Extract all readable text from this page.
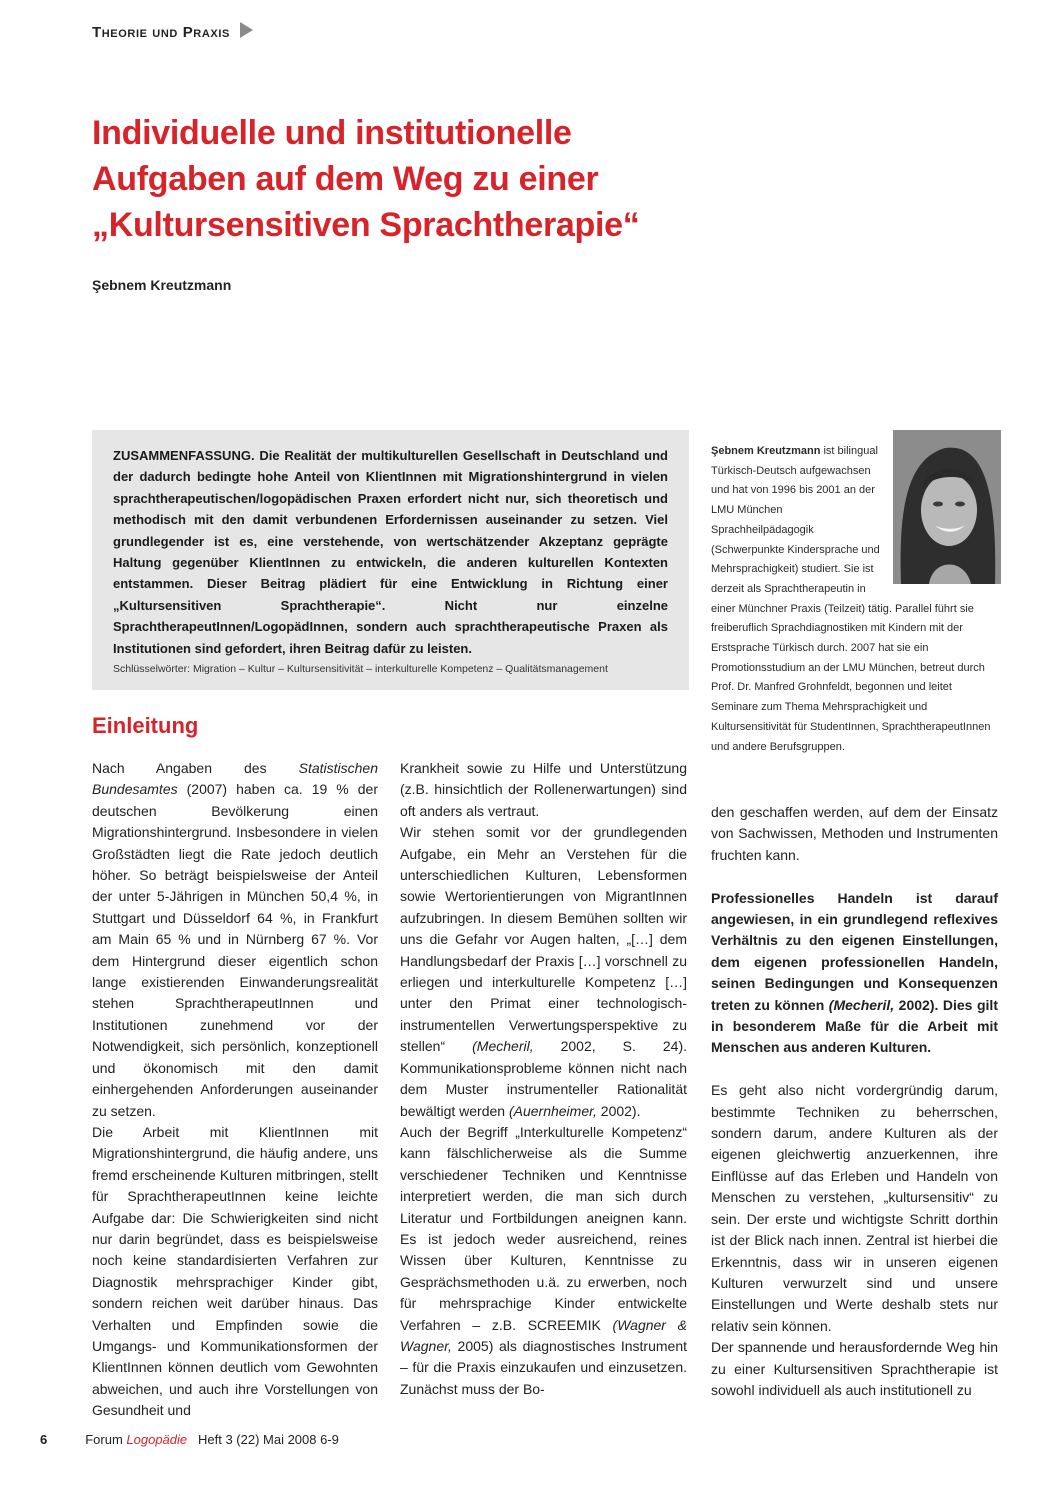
Theorie und Praxis
Individuelle und institutionelle
Aufgaben auf dem Weg zu einer
„Kultursensitiven Sprachtherapie“
Şebnem Kreutzmann

ZUSAMMENFASSUNG. Die Realität der multikulturellen Gesellschaft in Deutschland und der dadurch bedingte hohe Anteil von KlientInnen mit Migrationshintergrund in vielen sprachtherapeutischen/logopädischen Praxen erfordert nicht nur, sich theoretisch und methodisch mit den damit verbundenen Erfordernissen auseinander zu setzen. Viel grundlegender ist es, eine verstehende, von wertschätzender Akzeptanz geprägte Haltung gegenüber KlientInnen zu entwickeln, die anderen kulturellen Kontexten entstammen. Dieser Beitrag plädiert für eine Entwicklung in Richtung einer „Kultursensitiven Sprachtherapie“. Nicht nur einzelne SprachtherapeutInnen/LogopädInnen, sondern auch sprachtherapeutische Praxen als Institutionen sind gefordert, ihren Beitrag dafür zu leisten.

Schlüsselwörter: Migration – Kultur – Kultursensitivität – interkulturelle Kompetenz – Qualitätsmanagement
Şebnem Kreutzmann ist bilingual Türkisch-Deutsch aufgewachsen und hat von 1996 bis 2001 an der LMU München Sprachheilpädagogik (Schwerpunkte Kindersprache und Mehrsprachigkeit) studiert. Sie ist derzeit als Sprachtherapeutin in einer Münchner Praxis (Teilzeit) tätig. Parallel führt sie freiberuflich Sprachdiagnostiken mit Kindern mit der Erstsprache Türkisch durch. 2007 hat sie ein Promotionsstudium an der LMU München, betreut durch Prof. Dr. Manfred Grohnfeldt, begonnen und leitet Seminare zum Thema Mehrsprachigkeit und Kultursensitivität für StudentInnen, SprachtherapeutInnen und andere Berufsgruppen.
Einleitung

Nach Angaben des Statistischen Bundesamtes (2007) haben ca. 19 % der deutschen Bevölkerung einen Migrationshintergrund. Insbesondere in vielen Großstädten liegt die Rate jedoch deutlich höher. So beträgt beispielsweise der Anteil der unter 5-Jährigen in München 50,4 %, in Stuttgart und Düsseldorf 64 %, in Frankfurt am Main 65 % und in Nürnberg 67 %. Vor dem Hintergrund dieser eigentlich schon lange existierenden Einwanderungsrealität stehen SprachtherapeutInnen und Institutionen zunehmend vor der Notwendigkeit, sich persönlich, konzeptionell und ökonomisch mit den damit einhergehenden Anforderungen auseinander zu setzen.

Die Arbeit mit KlientInnen mit Migrationshintergrund, die häufig andere, uns fremd erscheinende Kulturen mitbringen, stellt für SprachtherapeutInnen keine leichte Aufgabe dar: Die Schwierigkeiten sind nicht nur darin begründet, dass es beispielsweise noch keine standardisierten Verfahren zur Diagnostik mehrsprachiger Kinder gibt, sondern reichen weit darüber hinaus. Das Verhalten und Empfinden sowie die Umgangs- und Kommunikationsformen der KlientInnen können deutlich vom Gewohnten abweichen, und auch ihre Vorstellungen von Gesundheit und

Krankheit sowie zu Hilfe und Unterstützung (z.B. hinsichtlich der Rollenerwartungen) sind oft anders als vertraut.

Wir stehen somit vor der grundlegenden Aufgabe, ein Mehr an Verstehen für die unterschiedlichen Kulturen, Lebensformen sowie Wertorientierungen von MigrantInnen aufzubringen. In diesem Bemühen sollten wir uns die Gefahr vor Augen halten, „[…] dem Handlungsbedarf der Praxis […] vorschnell zu erliegen und interkulturelle Kompetenz […] unter den Primat einer technologisch-instrumentellen Verwertungsperspektive zu stellen“ (Mecheril, 2002, S. 24). Kommunikationsprobleme können nicht nach dem Muster instrumenteller Rationalität bewältigt werden (Auernheimer, 2002).

Auch der Begriff „Interkulturelle Kompetenz“ kann fälschlicherweise als die Summe verschiedener Techniken und Kenntnisse interpretiert werden, die man sich durch Literatur und Fortbildungen aneignen kann. Es ist jedoch weder ausreichend, reines Wissen über Kulturen, Kenntnisse zu Gesprächsmethoden u.ä. zu erwerben, noch für mehrsprachige Kinder entwickelte Verfahren – z.B. SCREEMIK (Wagner & Wagner, 2005) als diagnostisches Instrument – für die Praxis einzukaufen und einzusetzen. Zunächst muss der Bo-

den geschaffen werden, auf dem der Einsatz von Sachwissen, Methoden und Instrumenten fruchten kann.

Professionelles Handeln ist darauf angewiesen, in ein grundlegend reflexives Verhältnis zu den eigenen Einstellungen, dem eigenen professionellen Handeln, seinen Bedingungen und Konsequenzen treten zu können (Mecheril, 2002). Dies gilt in besonderem Maße für die Arbeit mit Menschen aus anderen Kulturen.

Es geht also nicht vordergründig darum, bestimmte Techniken zu beherrschen, sondern darum, andere Kulturen als der eigenen gleichwertig anzuerkennen, ihre Einflüsse auf das Erleben und Handeln von Menschen zu verstehen, „kultursensitiv“ zu sein. Der erste und wichtigste Schritt dorthin ist der Blick nach innen. Zentral ist hierbei die Erkenntnis, dass wir in unseren eigenen Kulturen verwurzelt sind und unsere Einstellungen und Werte deshalb stets nur relativ sein können.

Der spannende und herausfordernde Weg hin zu einer Kultursensitiven Sprachtherapie ist sowohl individuell als auch institutionell zu

6	Forum Logopädie Heft 3 (22) Mai 2008 6-9
